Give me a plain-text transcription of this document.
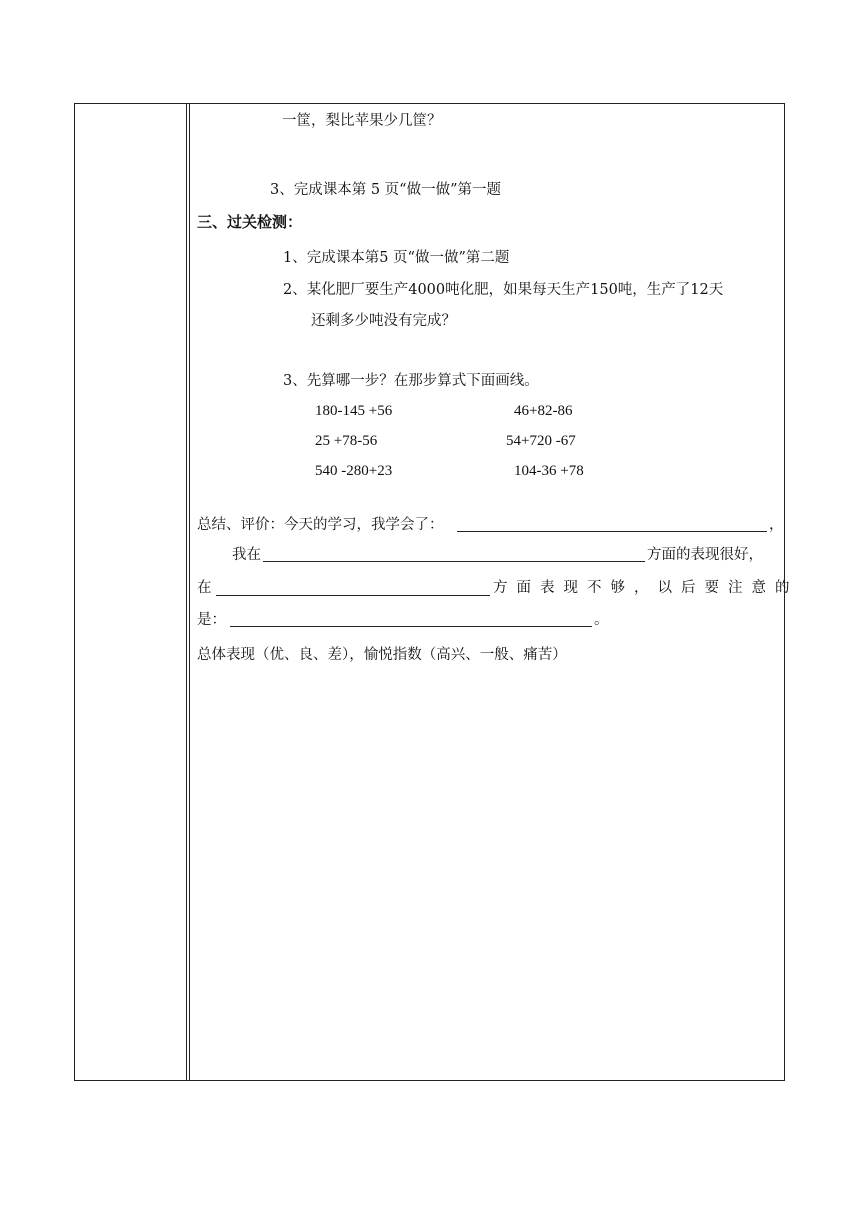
一筐，梨比苹果少几筐？
3、完成课本第 5 页“做一做”第一题
三、过关检测：
1、完成课本第5 页“做一做”第二题
2、某化肥厂要生产4000吨化肥，如果每天生产150吨，生产了12天
还剩多少吨没有完成？
3、先算哪一步？在那步算式下面画线。
180-145 +56	46+82-86
25 +78-56	54+720 -67
540 -280+23	104-36 +78
总结、评价：今天的学习，我学会了：	，
我在	方面的表现很好，
在	方面表现不够，以后要注意的
是：	。
总体表现（优、良、差），愉悦指数（高兴、一般、痛苦）
